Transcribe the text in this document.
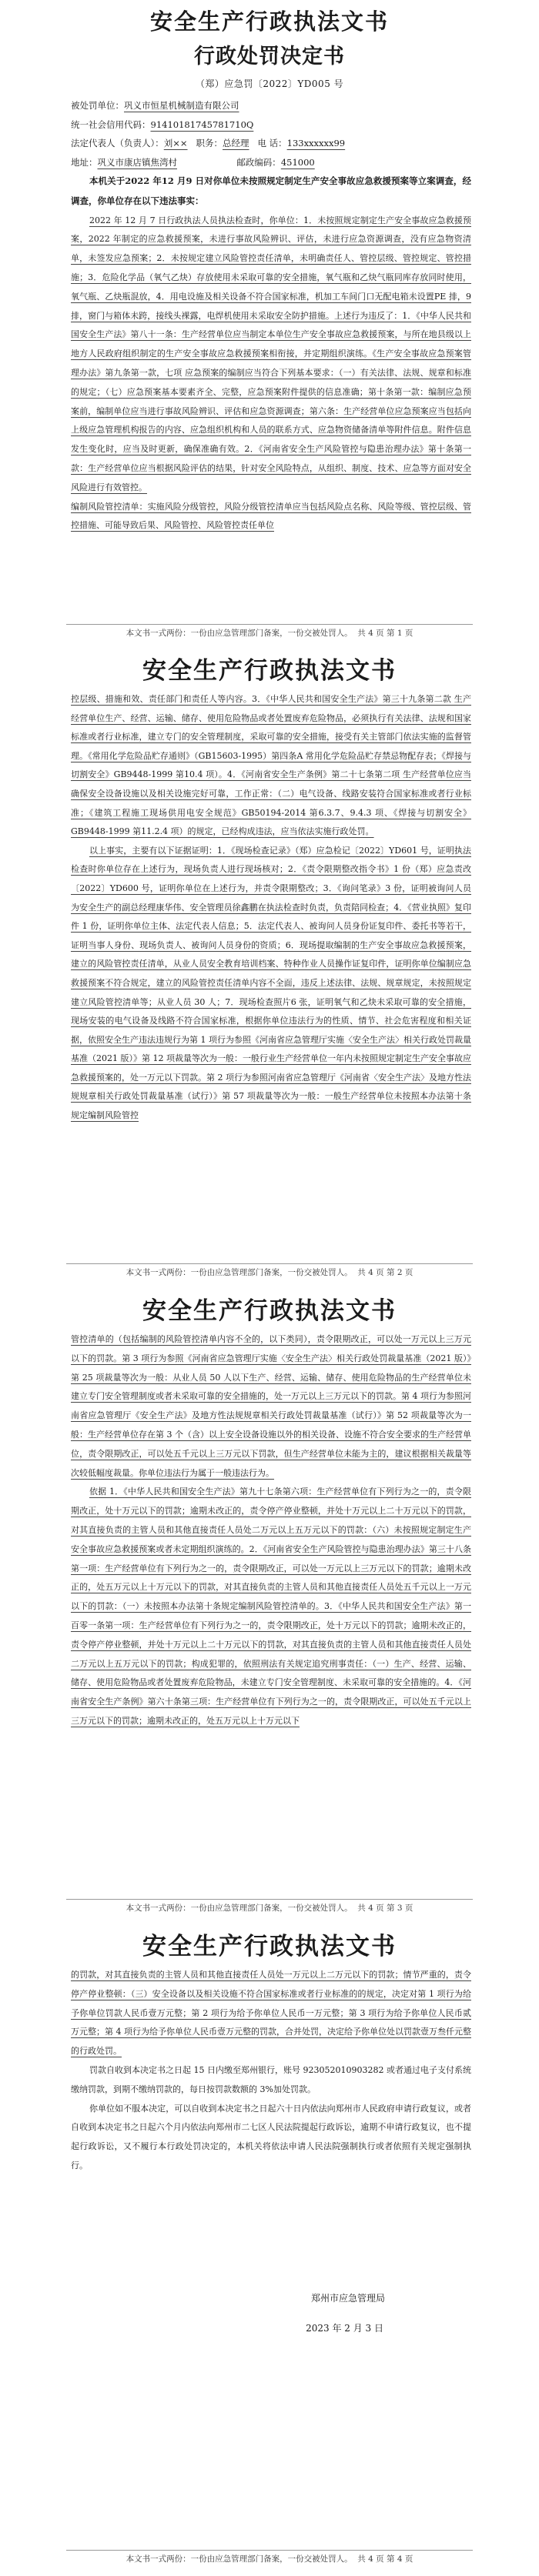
安全生产行政执法文书
行政处罚决定书
（郑）应急罚〔2022〕YD005 号
被处罚单位：巩义市恒星机械制造有限公司
统一社会信用代码：91410181745781710Q
法定代表人（负责人）：刘×× 职务：总经理 电 话：133xxxxxx99
地址：巩义市康店镇焦湾村	邮政编码：451000

本机关于2022 年12 月9 日对你单位未按照规定制定生产安全事故应急救援预案等立案调查，经调查，你单位存在以下违法事实：

2022 年 12 月 7 日行政执法人员执法检查时，你单位：1．未按照规定制定生产安全事故应急救援预案，2022 年制定的应急救援预案，未进行事故风险辨识、评估，未进行应急资源调查，没有应急物资清单，未签发应急预案；2．未按规定建立风险管控责任清单，未明确责任人、管控层级、管控规定、管控措施；3．危险化学品（氧气乙炔）存放使用未采取可靠的安全措施，氧气瓶和乙炔气瓶同库存放同时使用，氧气瓶、乙炔瓶混放，4．用电设施及相关设备不符合国家标准，机加工车间门口无配电箱未设置PE 排，9 排，窗门与箱体未跨，接线头裸露，电焊机使用未采取安全防护措施。上述行为违反了：1．《中华人民共和国安全生产法》第八十一条：生产经营单位应当制定本单位生产安全事故应急救援预案，与所在地县级以上地方人民政府组织制定的生产安全事故应急救援预案相衔接，并定期组织演练。《生产安全事故应急预案管理办法》第九条第一款，七项 应急预案的编制应当符合下列基本要求：（一）有关法律、法规、规章和标准的规定；（七）应急预案基本要素齐全、完整，应急预案附件提供的信息准确；第十条第一款：编制应急预案前，编制单位应当进行事故风险辨识、评估和应急资源调查；第六条：生产经营单位应急预案应当包括向上级应急管理机构报告的内容、应急组织机构和人员的联系方式、应急物资储备清单等附件信息。附件信息发生变化时，应当及时更新，确保准确有效。2．《河南省安全生产风险管控与隐患治理办法》第十条第一款：生产经营单位应当根据风险评估的结果，针对安全风险特点，从组织、制度、技术、应急等方面对安全风险进行有效管控。

编制风险管控清单：实施风险分级管控，风险分级管控清单应当包括风险点名称、风险等级、管控层级、管控措施、可能导致后果、风险管控、风险管控责任单位

本文书一式两份：一份由应急管理部门备案，一份交被处罚人。 共 4 页 第 1 页
安全生产行政执法文书

控层级、措施和效、责任部门和责任人等内容。3．《中华人民共和国安全生产法》第三十九条第二款 生产经营单位生产、经营、运输、储存、使用危险物品或者处置废弃危险物品，必须执行有关法律、法规和国家标准或者行业标准，建立专门的安全管理制度，采取可靠的安全措施，接受有关主管部门依法实施的监督管理。《常用化学危险品贮存通则》（GB15603-1995）第四条A 常用化学危险品贮存禁忌物配存表；《焊接与切割安全》GB9448-1999 第10.4 项）。4．《河南省安全生产条例》第二十七条第二项 生产经营单位应当确保安全设备设施以及相关设施完好可靠，工作正常：（二）电气设备、线路安装符合国家标准或者行业标准；《建筑工程施工现场供用电安全规范》GB50194-2014 第6.3.7、9.4.3 项、《焊接与切割安全》GB9448-1999 第11.2.4 项）的规定，已经构成违法，应当依法实施行政处罚。

以上事实，主要有以下证据证明：1．《现场检查记录》（郑）应急检记〔2022〕YD601 号，证明执法检查时你单位存在上述行为，现场负责人进行现场核对；2．《责令限期整改指令书》1 份（郑）应急责改〔2022〕YD600 号，证明你单位在上述行为，并责令限期整改；3．《询问笔录》3 份，证明被询问人员为安全生产的副总经理康华伟、安全管理员徐鑫鹏在执法检查时负责，负责陪同检查；4．《营业执照》复印件 1 份，证明你单位主体、法定代表人信息；5．法定代表人、被询问人员身份证复印件、委托书等若干，证明当事人身份、现场负责人、被询问人员身份的资质；6．现场提取编制的生产安全事故应急救援预案，建立的风险管控责任清单，从业人员安全教育培训档案、特种作业人员操作证复印件，证明你单位编制应急救援预案不符合规定，建立的风险管控责任清单内容不全面，违反上述法律、法规、规章规定，未按照规定建立风险管控清单等；从业人员 30 人；7．现场检查照片6 张，证明氧气和乙炔未采取可靠的安全措施，现场安装的电气设备及线路不符合国家标准，根据你单位违法行为的性质、情节、社会危害程度和相关证据，依照安全生产违法违规行为第 1 项行为参照《河南省应急管理厅实施〈安全生产法〉相关行政处罚裁量基准（2021 版）》第 12 项裁量等次为一般：一般行业生产经营单位一年内未按照规定制定生产安全事故应急救援预案的，处一万元以下罚款。第 2 项行为参照河南省应急管理厅《河南省〈安全生产法〉及地方性法规规章相关行政处罚裁量基准（试行）》第 57 项裁量等次为一般：一般生产经营单位未按照本办法第十条规定编制风险管控

本文书一式两份：一份由应急管理部门备案，一份交被处罚人。 共 4 页 第 2 页
安全生产行政执法文书

管控清单的（包括编制的风险管控清单内容不全的，以下类同），责令限期改正，可以处一万元以上三万元以下的罚款。第 3 项行为参照《河南省应急管理厅实施〈安全生产法〉相关行政处罚裁量基准（2021 版）》第 25 项裁量等次为一般：从业人员 50 人以下生产、经营、运输、储存、使用危险物品的生产经营单位未建立专门安全管理制度或者未采取可靠的安全措施的，处一万元以上三万元以下的罚款。第 4 项行为参照河南省应急管理厅《安全生产法》及地方性法规规章相关行政处罚裁量基准（试行）》第 52 项裁量等次为一般：生产经营单位存在第 3 个（含）以上安全设备设施以外的相关设备、设施不符合安全要求的生产经营单位，责令限期改正，可以处五千元以上三万元以下罚款，但生产经营单位未能为主的，建议根据相关裁量等次较低幅度裁量。你单位违法行为属于一般违法行为。

依据 1．《中华人民共和国安全生产法》第九十七条第六项：生产经营单位有下列行为之一的，责令限期改正，处十万元以下的罚款；逾期未改正的，责令停产停业整顿，并处十万元以上二十万元以下的罚款，对其直接负责的主管人员和其他直接责任人员处二万元以上五万元以下的罚款：（六）未按照规定制定生产安全事故应急救援预案或者未定期组织演练的。2．《河南省安全生产风险管控与隐患治理办法》第三十八条第一项：生产经营单位有下列行为之一的，责令限期改正，可以处一万元以上三万元以下的罚款；逾期未改正的，处五万元以上十万元以下的罚款，对其直接负责的主管人员和其他直接责任人员处五千元以上一万元以下的罚款：（一）未按照本办法第十条规定编制风险管控清单的。3．《中华人民共和国安全生产法》第一百零一条第一项：生产经营单位有下列行为之一的，责令限期改正，处十万元以下的罚款；逾期未改正的，责令停产停业整顿，并处十万元以上二十万元以下的罚款，对其直接负责的主管人员和其他直接责任人员处二万元以上五万元以下的罚款；构成犯罪的，依照刑法有关规定追究刑事责任：（一）生产、经营、运输、储存、使用危险物品或者处置废弃危险物品，未建立专门安全管理制度、未采取可靠的安全措施的。4．《河南省安全生产条例》第六十条第三项：生产经营单位有下列行为之一的，责令限期改正，可以处五千元以上三万元以下的罚款；逾期未改正的，处五万元以上十万元以下

本文书一式两份：一份由应急管理部门备案，一份交被处罚人。 共 4 页 第 3 页
安全生产行政执法文书

的罚款，对其直接负责的主管人员和其他直接责任人员处一万元以上二万元以下的罚款；情节严重的，责令停产停业整顿：（三）安全设备以及相关设施不符合国家标准或者行业标准的的规定，决定对第 1 项行为给予你单位罚款人民币壹万元整；第 2 项行为给予你单位人民币一万元整；第 3 项行为给予你单位人民币贰万元整；第 4 项行为给予你单位人民币壹万元整的罚款，合并处罚，决定给予你单位处以罚款壹万叁仟元整的行政处罚。

罚款自收到本决定书之日起 15 日内缴至郑州银行，账号 923052010903282 或者通过电子支付系统缴纳罚款，到期不缴纳罚款的，每日按罚款数额的 3%加处罚款。

你单位如不服本决定，可以自收到本决定书之日起六十日内依法向郑州市人民政府申请行政复议，或者自收到本决定书之日起六个月内依法向郑州市二七区人民法院提起行政诉讼，逾期不申请行政复议，也不提起行政诉讼，又不履行本行政处罚决定的，本机关将依法申请人民法院强制执行或者依照有关规定强制执行。

郑州市应急管理局
2023 年 2 月 3 日
本文书一式两份：一份由应急管理部门备案，一份交被处罚人。 共 4 页 第 4 页
